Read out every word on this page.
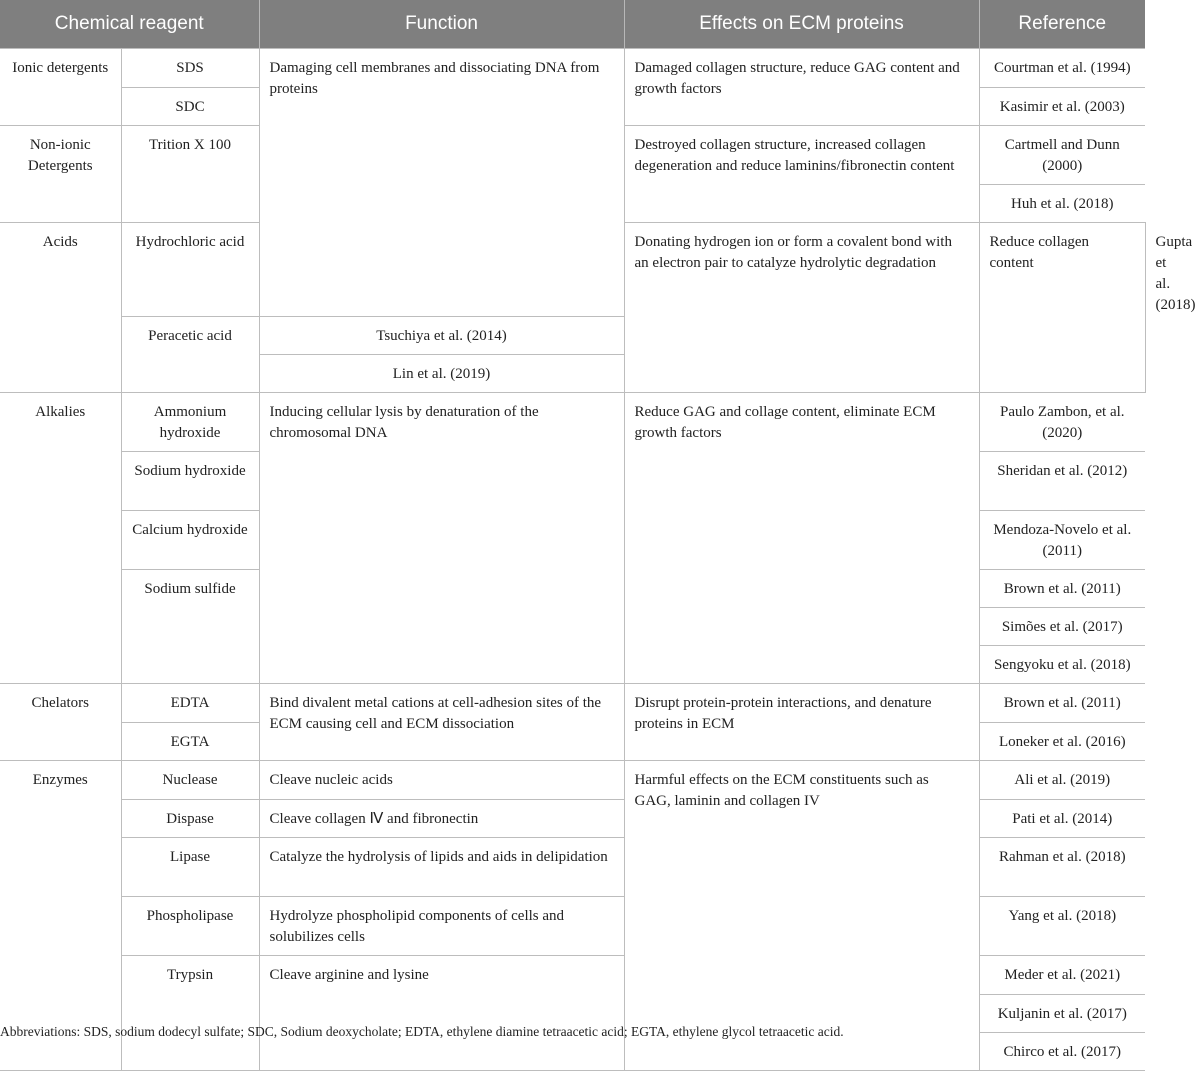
Chemical reagent		Function	Effects on ECM proteins	Reference	
Ionic detergents	SDS	Damaging cell membranes and dissociating DNA from proteins	Damaged collagen structure, reduce GAG content and growth factors	Courtman et al. (1994)	
	SDC			Kasimir et al. (2003)	
Non-ionic Detergents	Trition X 100		Destroyed collagen structure, increased collagen degeneration and reduce laminins/fibronectin content	Cartmell and Dunn (2000)	
				Huh et al. (2018)	
Acids	Hydrochloric acid		Donating hydrogen ion or form a covalent bond with an electron pair to catalyze hydrolytic degradation	Reduce collagen content	Gupta et al. (2018)
	Peracetic acid	Tsuchiya et al. (2014)			
		Lin et al. (2019)			
Alkalies	Ammonium hydroxide	Inducing cellular lysis by denaturation of the chromosomal DNA	Reduce GAG and collage content, eliminate ECM growth factors	Paulo Zambon, et al. (2020)	
	Sodium hydroxide			Sheridan et al. (2012)	
	Calcium hydroxide			Mendoza-Novelo et al. (2011)	
	Sodium sulfide			Brown et al. (2011)	
				Simões et al. (2017)	
				Sengyoku et al. (2018)	
Chelators	EDTA	Bind divalent metal cations at cell-adhesion sites of the ECM causing cell and ECM dissociation	Disrupt protein-protein interactions, and denature proteins in ECM	Brown et al. (2011)	
	EGTA			Loneker et al. (2016)	
Enzymes	Nuclease	Cleave nucleic acids	Harmful effects on the ECM constituents such as GAG, laminin and collagen IV	Ali et al. (2019)	
	Dispase	Cleave collagen Ⅳ and fibronectin		Pati et al. (2014)	
	Lipase	Catalyze the hydrolysis of lipids and aids in delipidation		Rahman et al. (2018)	
	Phospholipase	Hydrolyze phospholipid components of cells and solubilizes cells		Yang et al. (2018)	
	Trypsin	Cleave arginine and lysine		Meder et al. (2021)	
				Kuljanin et al. (2017)	
				Chirco et al. (2017)	
Abbreviations: SDS, sodium dodecyl sulfate; SDC, Sodium deoxycholate; EDTA, ethylene diamine tetraacetic acid; EGTA, ethylene glycol tetraacetic acid.
